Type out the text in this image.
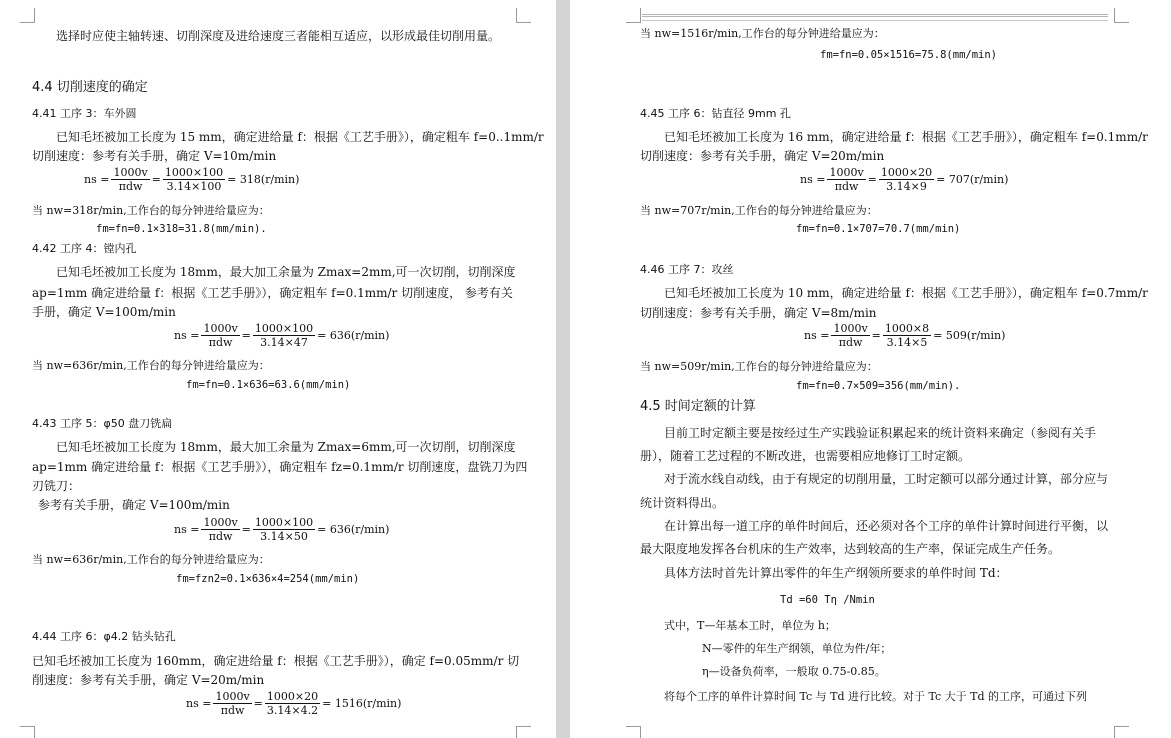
选择时应使主轴转速、切削深度及进给速度三者能相互适应，以形成最佳切削用量。
4.4 切削速度的确定
4.41 工序 3：车外圆
已知毛坯被加工长度为 15 mm，确定进给量 f：根据《工艺手册》），确定粗车 f=0..1mm/r
切削速度：参考有关手册，确定 V=10m/min
ns =
1000v
πdw
= $\frac{1000\times 100}{3.14\times 100} = 318(r/\min)$
当 nw=318r/min,工作台的每分钟进给量应为：
fm=fn=0.1×318=31.8(mm/min).
4.42 工序 4：镗内孔
已知毛坯被加工长度为 18mm，最大加工余量为 Zmax=2mm,可一次切削，切削深度
ap=1mm 确定进给量 f：根据《工艺手册》），确定粗车 f=0.1mm/r 切削速度， 参考有关
手册，确定 V=100m/min
ns =
1000v
πdw
= $\frac{1000\times 100}{3.14\times 47} = 636(r/\min)$
当 nw=636r/min,工作台的每分钟进给量应为：
fm=fn=0.1×636=63.6(mm/min)
4.43 工序 5：φ50 盘刀铣扁
已知毛坯被加工长度为 18mm，最大加工余量为 Zmax=6mm,可一次切削，切削深度
ap=1mm 确定进给量 f：根据《工艺手册》），确定粗车 fz=0.1mm/r 切削速度，盘铣刀为四
刃铣刀：
参考有关手册，确定 V=100m/min
ns =
1000v
πdw
= $\frac{1000\times 100}{3.14\times 50} = 636(r/\min)$
当 nw=636r/min,工作台的每分钟进给量应为：
fm=fzn2=0.1×636×4=254(mm/min)
4.44 工序 6：φ4.2 钻头钻孔
已知毛坯被加工长度为 160mm，确定进给量 f：根据《工艺手册》），确定 f=0.05mm/r 切
削速度：参考有关手册，确定 V=20m/min
ns =
1000v
πdw
= $\frac{1000\times 20}{3.14\times 4.2} = 1516(r/\min)$
当 nw=1516r/min,工作台的每分钟进给量应为：
fm=fn=0.05×1516=75.8(mm/min)
4.45 工序 6：钻直径 9mm 孔
已知毛坯被加工长度为 16 mm，确定进给量 f：根据《工艺手册》），确定粗车 f=0.1mm/r
切削速度：参考有关手册，确定 V=20m/min
ns =
1000v
πdw
= $\frac{1000\times 20}{3.14\times 9} = 707(r/\min)$
当 nw=707r/min,工作台的每分钟进给量应为：
fm=fn=0.1×707=70.7(mm/min)
4.46 工序 7：攻丝
已知毛坯被加工长度为 10 mm，确定进给量 f：根据《工艺手册》），确定粗车 f=0.7mm/r
切削速度：参考有关手册，确定 V=8m/min
ns =
1000v
πdw
= $\frac{1000\times 8}{3.14\times 5} = 509(r/\min)$
当 nw=509r/min,工作台的每分钟进给量应为：
fm=fn=0.7×509=356(mm/min).
4.5 时间定额的计算
目前工时定额主要是按经过生产实践验证积累起来的统计资料来确定（参阅有关手
册），随着工艺过程的不断改进，也需要相应地修订工时定额。
对于流水线自动线，由于有规定的切削用量，工时定额可以部分通过计算，部分应与
统计资料得出。
在计算出每一道工序的单件时间后，还必须对各个工序的单件计算时间进行平衡，以
最大限度地发挥各台机床的生产效率，达到较高的生产率，保证完成生产任务。
具体方法时首先计算出零件的年生产纲领所要求的单件时间 Td：
Td =60 Tη /Nmin
式中，T—年基本工时，单位为 h；
N—零件的年生产纲领，单位为件/年；
η—设备负荷率，一般取 0.75-0.85。
将每个工序的单件计算时间 Tc 与 Td 进行比较。对于 Tc 大于 Td 的工序，可通过下列
